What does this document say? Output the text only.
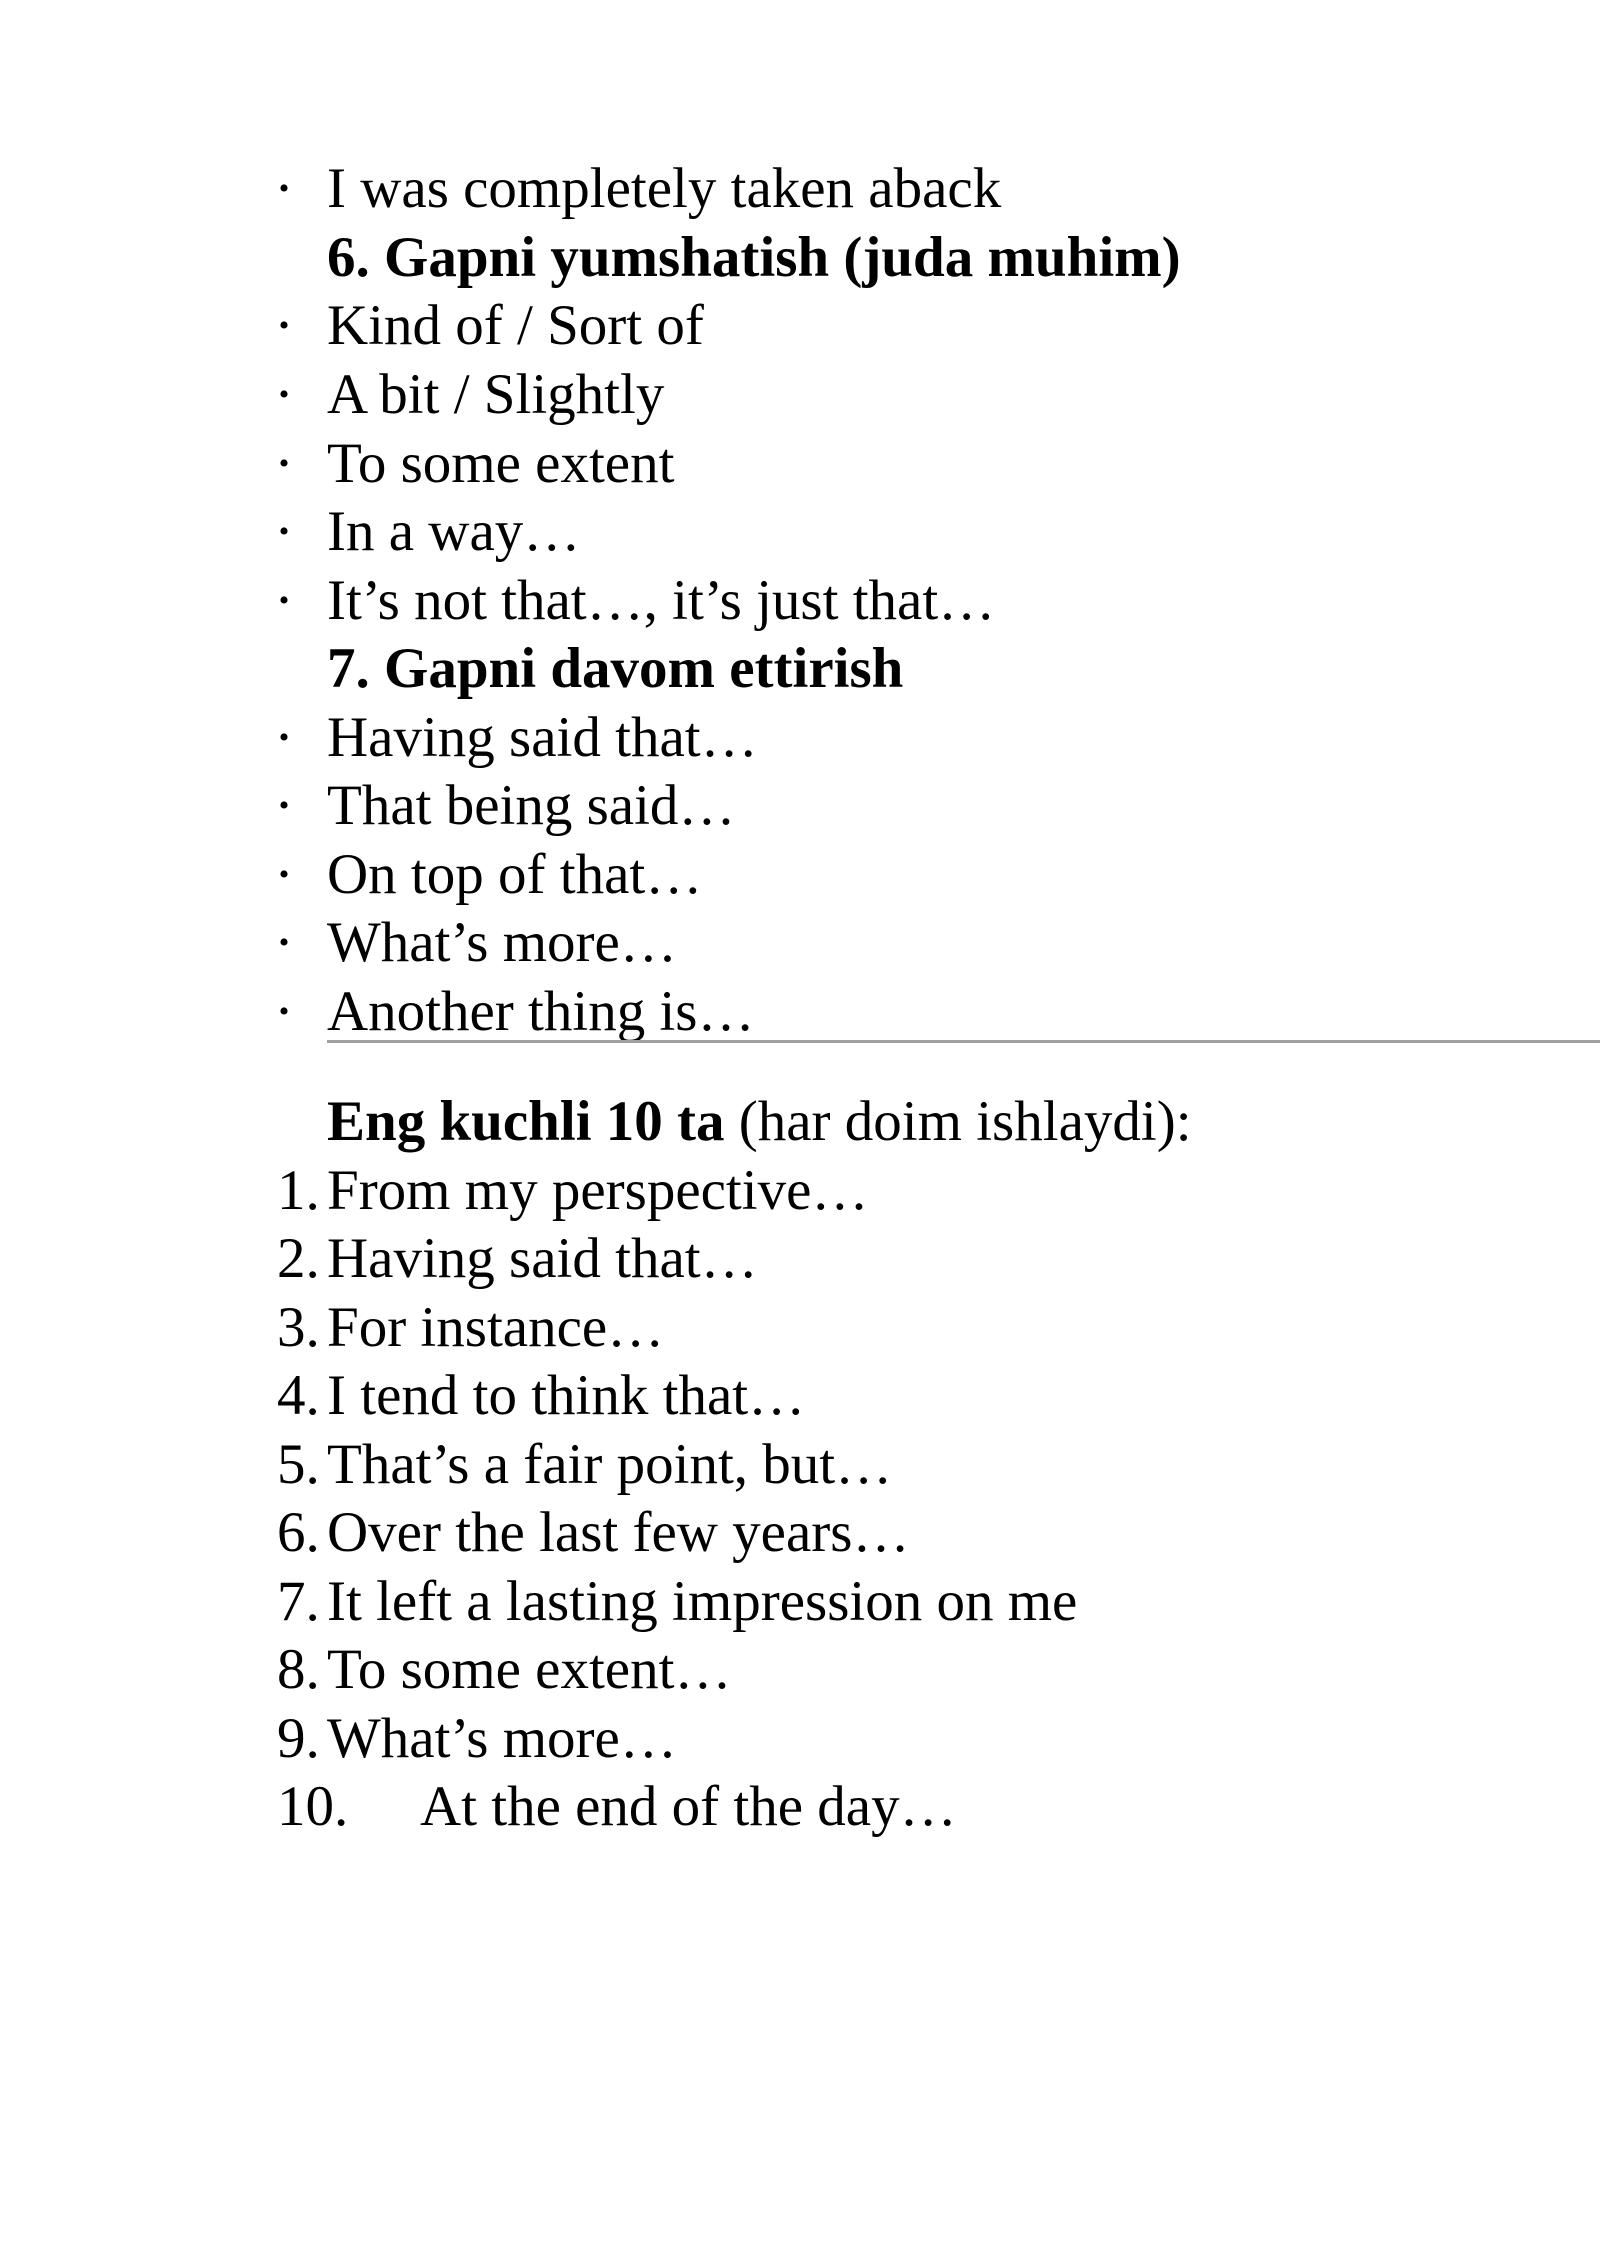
• I was completely taken aback
6. Gapni yumshatish (juda muhim)
• Kind of / Sort of
• A bit / Slightly
• To some extent
• In a way…
• It’s not that…, it’s just that…
7. Gapni davom ettirish
• Having said that…
• That being said…
• On top of that…
• What’s more…
• Another thing is…
Eng kuchli 10 ta (har doim ishlaydi):
1. From my perspective…
2. Having said that…
3. For instance…
4. I tend to think that…
5. That’s a fair point, but…
6. Over the last few years…
7. It left a lasting impression on me
8. To some extent…
9. What’s more…
10. At the end of the day…
